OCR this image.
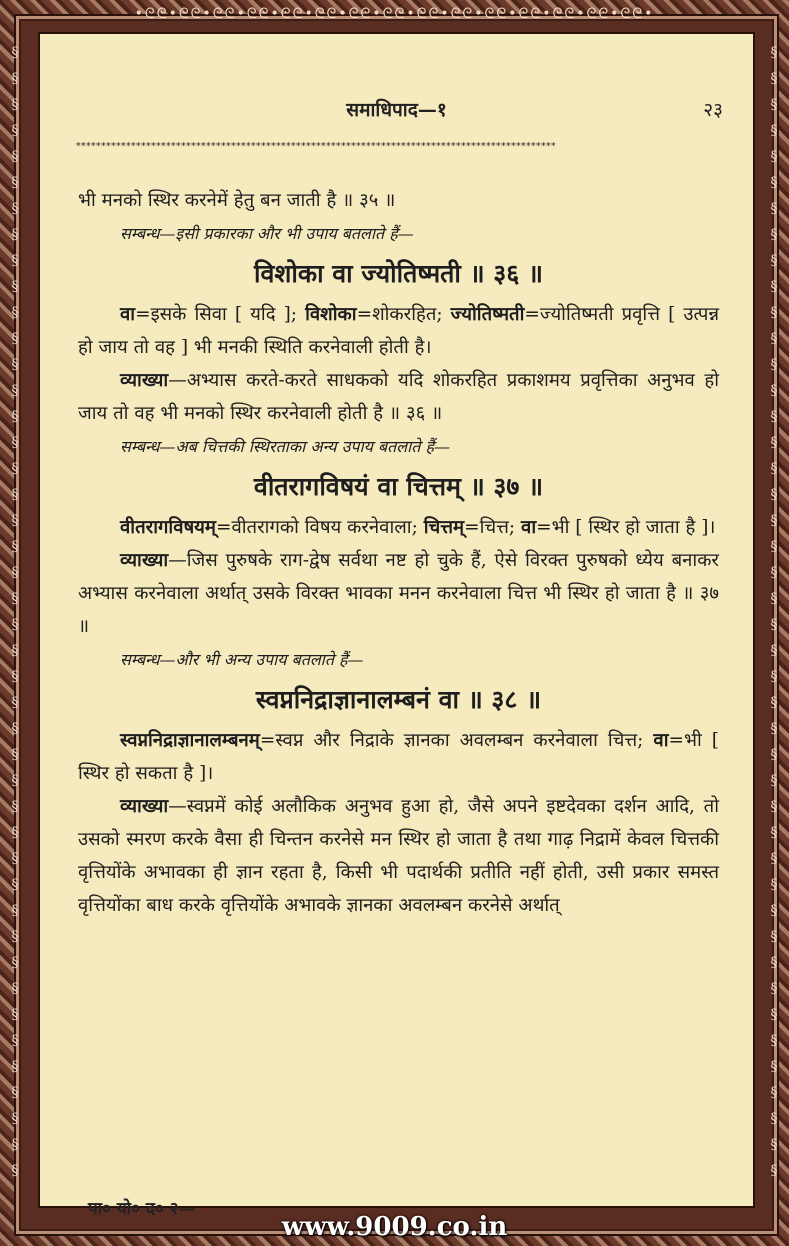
•ᘓᘓ•ᘓᘓ•ᘓᘓ•ᘓᘓ•ᘓᘓ•ᘓᘓ•ᘓᘓ•ᘓᘓ•ᘓᘓ•ᘓᘓ•ᘓᘓ•ᘓᘓ•ᘓᘓ•ᘓᘓ•ᘓᘓ•
§
§
§
§
§
§
§
§
§
§
§
§
§
§
§
§
§
§
§
§
§
§
§
§
§
§
§
§
§
§
§
§
§
§
§
§
§
§
§
§
§
§
§
§
§
§
§
§
§
§
§
§
§
§
§
§
§
§
§
§
§
§
§
§
§
§
§
§
§
§
§
§
§
§
§
§
§
§
§
§
§
§
§
§
§
§
§
§
समाधिपाद—१	२३
************************************************************************************************

भी मनको स्थिर करनेमें हेतु बन जाती है ॥ ३५ ॥

सम्बन्ध—इसी प्रकारका और भी उपाय बतलाते हैं—

विशोका वा ज्योतिष्मती ॥ ३६ ॥

वा=इसके सिवा [ यदि ]; विशोका=शोकरहित; ज्योतिष्मती=ज्योतिष्मती प्रवृत्ति [ उत्पन्न हो जाय तो वह ] भी मनकी स्थिति करनेवाली होती है।

व्याख्या—अभ्यास करते-करते साधकको यदि शोकरहित प्रकाशमय प्रवृत्तिका अनुभव हो जाय तो वह भी मनको स्थिर करनेवाली होती है ॥ ३६ ॥

सम्बन्ध—अब चित्तकी स्थिरताका अन्य उपाय बतलाते हैं—

वीतरागविषयं वा चित्तम् ॥ ३७ ॥

वीतरागविषयम्=वीतरागको विषय करनेवाला; चित्तम्=चित्त; वा=भी [ स्थिर हो जाता है ]।

व्याख्या—जिस पुरुषके राग-द्वेष सर्वथा नष्ट हो चुके हैं, ऐसे विरक्त पुरुषको ध्येय बनाकर अभ्यास करनेवाला अर्थात् उसके विरक्त भावका मनन करनेवाला चित्त भी स्थिर हो जाता है ॥ ३७ ॥

सम्बन्ध—और भी अन्य उपाय बतलाते हैं—

स्वप्ननिद्राज्ञानालम्बनं वा ॥ ३८ ॥

स्वप्ननिद्राज्ञानालम्बनम्=स्वप्न और निद्राके ज्ञानका अवलम्बन करनेवाला चित्त; वा=भी [ स्थिर हो सकता है ]।

व्याख्या—स्वप्नमें कोई अलौकिक अनुभव हुआ हो, जैसे अपने इष्टदेवका दर्शन आदि, तो उसको स्मरण करके वैसा ही चिन्तन करनेसे मन स्थिर हो जाता है तथा गाढ़ निद्रामें केवल चित्तकी वृत्तियोंके अभावका ही ज्ञान रहता है, किसी भी पदार्थकी प्रतीति नहीं होती, उसी प्रकार समस्त वृत्तियोंका बाध करके वृत्तियोंके अभावके ज्ञानका अवलम्बन करनेसे अर्थात्

पा० यो० द० २—
www.9009.co.in
